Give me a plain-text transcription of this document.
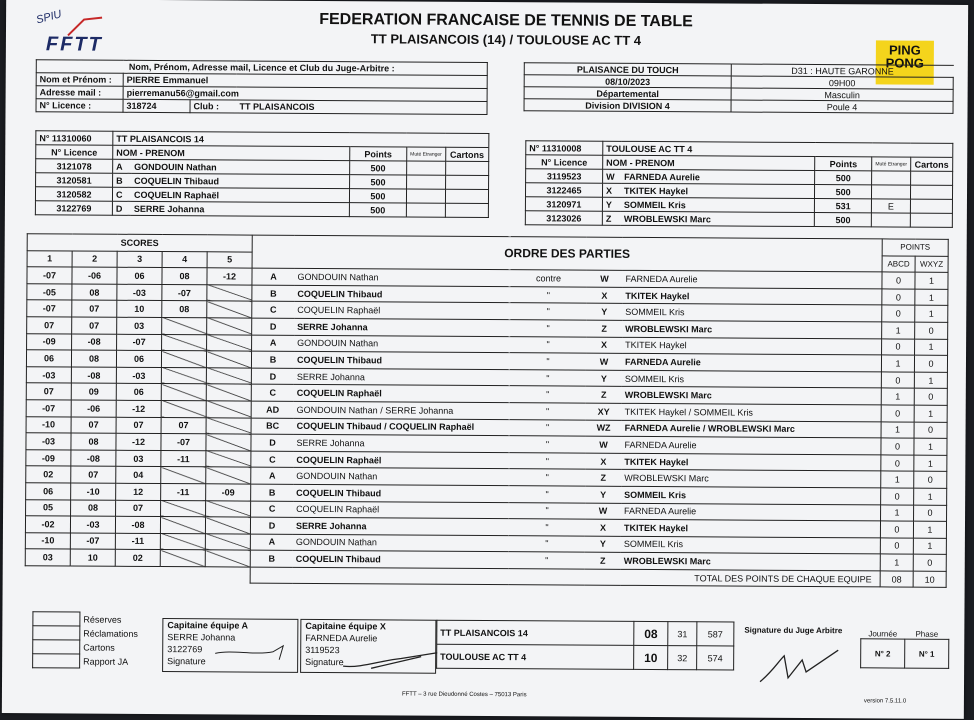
SPIU
FFTT
FEDERATION FRANCAISE DE TENNIS DE TABLE
TT PLAISANCOIS (14) / TOULOUSE AC TT 4
PING
PONG
Nom, Prénom, Adresse mail, Licence et Club du Juge-Arbitre :			
Nom et Prénom :	PIERRE Emmanuel		
Adresse mail :	pierremanu56@gmail.com		
N° Licence :	318724	Club :	TT PLAISANCOIS
PLAISANCE DU TOUCH	D31 : HAUTE GARONNE
08/10/2023	09H00
Départemental	Masculin
Division DIVISION 4	Poule 4
N° 11310060	TT PLAISANCOIS 14				
N° Licence	NOM - PRENOM		Points	Muté Etranger	Cartons
3121078	A	GONDOUIN Nathan	500		
3120581	B	COQUELIN Thibaud	500		
3120582	C	COQUELIN Raphaël	500		
3122769	D	SERRE Johanna	500		
N° 11310008	TOULOUSE AC TT 4				
N° Licence	NOM - PRENOM		Points	Muté Etranger	Cartons
3119523	W	FARNEDA Aurelie	500		
3122465	X	TKITEK Haykel	500		
3120971	Y	SOMMEIL Kris	531	E	
3123026	Z	WROBLEWSKI Marc	500		
SCORES					ORDRE DES PARTIES					POINTS	
1	2	3	4	5						ABCD	WXYZ
-07	-06	06	08	-12	A	GONDOUIN Nathan	contre	W	FARNEDA Aurelie	0	1
-05	08	-03	-07		B	COQUELIN Thibaud	"	X	TKITEK Haykel	0	1
-07	07	10	08		C	COQUELIN Raphaël	"	Y	SOMMEIL Kris	0	1
07	07	03			D	SERRE Johanna	"	Z	WROBLEWSKI Marc	1	0
-09	-08	-07			A	GONDOUIN Nathan	"	X	TKITEK Haykel	0	1
06	08	06			B	COQUELIN Thibaud	"	W	FARNEDA Aurelie	1	0
-03	-08	-03			D	SERRE Johanna	"	Y	SOMMEIL Kris	0	1
07	09	06			C	COQUELIN Raphaël	"	Z	WROBLEWSKI Marc	1	0
-07	-06	-12			AD	GONDOUIN Nathan / SERRE Johanna	"	XY	TKITEK Haykel / SOMMEIL Kris	0	1
-10	07	07	07		BC	COQUELIN Thibaud / COQUELIN Raphaël	"	WZ	FARNEDA Aurelie / WROBLEWSKI Marc	1	0
-03	08	-12	-07		D	SERRE Johanna	"	W	FARNEDA Aurelie	0	1
-09	-08	03	-11		C	COQUELIN Raphaël	"	X	TKITEK Haykel	0	1
02	07	04			A	GONDOUIN Nathan	"	Z	WROBLEWSKI Marc	1	0
06	-10	12	-11	-09	B	COQUELIN Thibaud	"	Y	SOMMEIL Kris	0	1
05	08	07			C	COQUELIN Raphaël	"	W	FARNEDA Aurelie	1	0
-02	-03	-08			D	SERRE Johanna	"	X	TKITEK Haykel	0	1
-10	-07	-11			A	GONDOUIN Nathan	"	Y	SOMMEIL Kris	0	1
03	10	02			B	COQUELIN Thibaud	"	Z	WROBLEWSKI Marc	1	0
					TOTAL DES POINTS DE CHAQUE EQUIPE					08	10
	Réserves
	Réclamations
	Cartons
	Rapport JA
Capitaine équipe A
SERRE Johanna
3122769
Signature
Capitaine équipe X
FARNEDA Aurelie
3119523
Signature
TT PLAISANCOIS 14	08	31	587
TOULOUSE AC TT 4	10	32	574
Signature du Juge Arbitre	Journée	Phase
N° 2	N° 1
FFTT – 3 rue Dieudonné Costes – 75013 Paris
version 7.5.11.0
